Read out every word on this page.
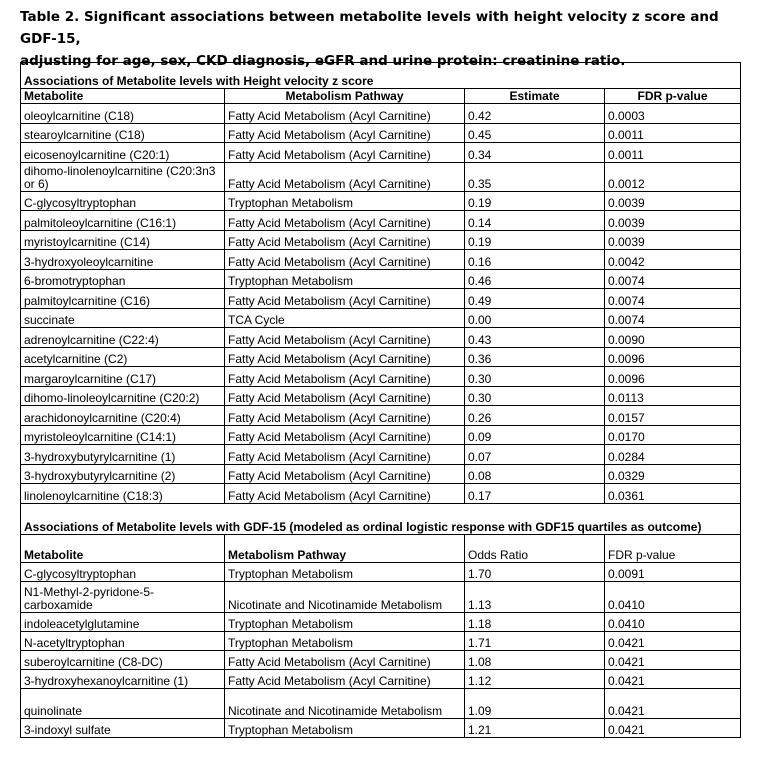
Table 2. Significant associations between metabolite levels with height velocity z score and GDF-15,
adjusting for age, sex, CKD diagnosis, eGFR and urine protein: creatinine ratio.
Associations of Metabolite levels with Height velocity z score			
Metabolite	Metabolism Pathway	Estimate	FDR p-value
oleoylcarnitine (C18)	Fatty Acid Metabolism (Acyl Carnitine)	0.42	0.0003
stearoylcarnitine (C18)	Fatty Acid Metabolism (Acyl Carnitine)	0.45	0.0011
eicosenoylcarnitine (C20:1)	Fatty Acid Metabolism (Acyl Carnitine)	0.34	0.0011
dihomo-linolenoylcarnitine (C20:3n3 or 6)	Fatty Acid Metabolism (Acyl Carnitine)	0.35	0.0012
C-glycosyltryptophan	Tryptophan Metabolism	0.19	0.0039
palmitoleoylcarnitine (C16:1)	Fatty Acid Metabolism (Acyl Carnitine)	0.14	0.0039
myristoylcarnitine (C14)	Fatty Acid Metabolism (Acyl Carnitine)	0.19	0.0039
3-hydroxyoleoylcarnitine	Fatty Acid Metabolism (Acyl Carnitine)	0.16	0.0042
6-bromotryptophan	Tryptophan Metabolism	0.46	0.0074
palmitoylcarnitine (C16)	Fatty Acid Metabolism (Acyl Carnitine)	0.49	0.0074
succinate	TCA Cycle	0.00	0.0074
adrenoylcarnitine (C22:4)	Fatty Acid Metabolism (Acyl Carnitine)	0.43	0.0090
acetylcarnitine (C2)	Fatty Acid Metabolism (Acyl Carnitine)	0.36	0.0096
margaroylcarnitine (C17)	Fatty Acid Metabolism (Acyl Carnitine)	0.30	0.0096
dihomo-linoleoylcarnitine (C20:2)	Fatty Acid Metabolism (Acyl Carnitine)	0.30	0.0113
arachidonoylcarnitine (C20:4)	Fatty Acid Metabolism (Acyl Carnitine)	0.26	0.0157
myristoleoylcarnitine (C14:1)	Fatty Acid Metabolism (Acyl Carnitine)	0.09	0.0170
3-hydroxybutyrylcarnitine (1)	Fatty Acid Metabolism (Acyl Carnitine)	0.07	0.0284
3-hydroxybutyrylcarnitine (2)	Fatty Acid Metabolism (Acyl Carnitine)	0.08	0.0329
linolenoylcarnitine (C18:3)	Fatty Acid Metabolism (Acyl Carnitine)	0.17	0.0361
Associations of Metabolite levels with GDF-15 (modeled as ordinal logistic response with GDF15 quartiles as outcome)			
Metabolite	Metabolism Pathway	Odds Ratio	FDR p-value
C-glycosyltryptophan	Tryptophan Metabolism	1.70	0.0091
N1-Methyl-2-pyridone-5-carboxamide	Nicotinate and Nicotinamide Metabolism	1.13	0.0410
indoleacetylglutamine	Tryptophan Metabolism	1.18	0.0410
N-acetyltryptophan	Tryptophan Metabolism	1.71	0.0421
suberoylcarnitine (C8-DC)	Fatty Acid Metabolism (Acyl Carnitine)	1.08	0.0421
3-hydroxyhexanoylcarnitine (1)	Fatty Acid Metabolism (Acyl Carnitine)	1.12	0.0421
quinolinate	Nicotinate and Nicotinamide Metabolism	1.09	0.0421
3-indoxyl sulfate	Tryptophan Metabolism	1.21	0.0421
